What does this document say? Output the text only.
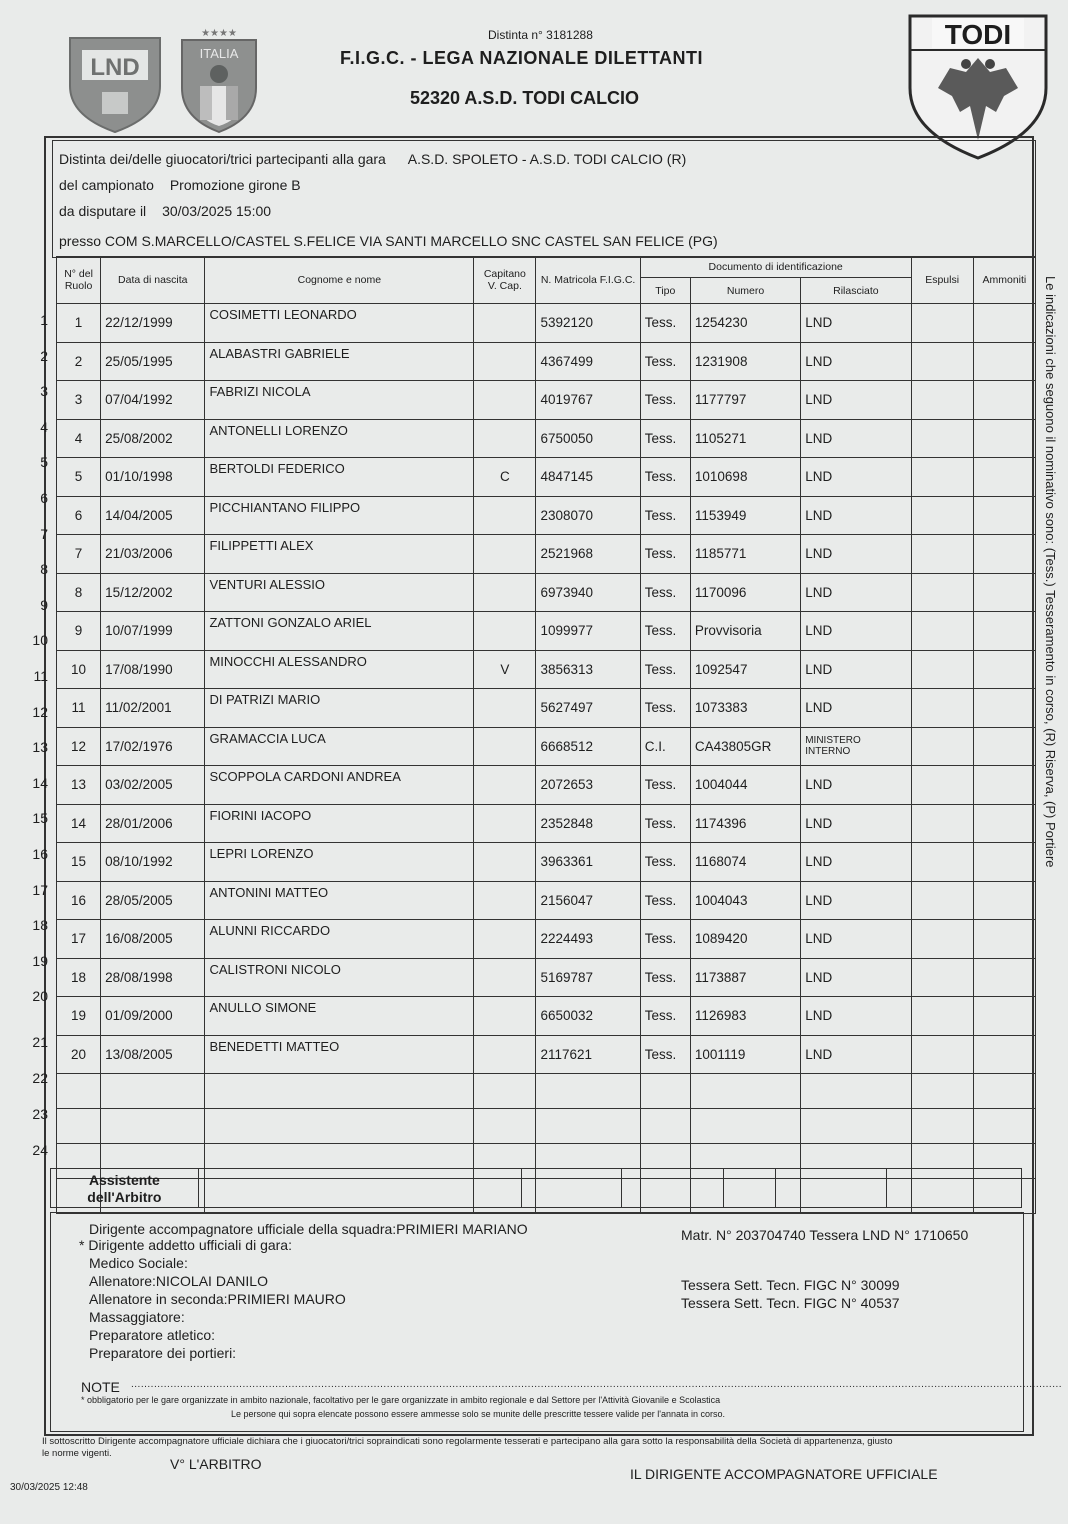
LND
★★★★
ITALIA
TODI
Distinta n° 3181288
F.I.G.C. - LEGA NAZIONALE DILETTANTI
52320 A.S.D. TODI CALCIO
Distinta dei/delle giuocatori/trici partecipanti alla gara A.S.D. SPOLETO - A.S.D. TODI CALCIO (R)
del campionato Promozione girone B
da disputare il 30/03/2025 15:00
presso COM S.MARCELLO/CASTEL S.FELICE VIA SANTI MARCELLO SNC CASTEL SAN FELICE (PG)
N° del Ruolo	Data di nascita	Cognome e nome	Capitano V. Cap.	N. Matricola F.I.G.C.	Documento di identificazione			Espulsi	Ammoniti
					Tipo	Numero	Rilasciato		
1	22/12/1999	COSIMETTI LEONARDO		5392120	Tess.	1254230	LND		
2	25/05/1995	ALABASTRI GABRIELE		4367499	Tess.	1231908	LND		
3	07/04/1992	FABRIZI NICOLA		4019767	Tess.	1177797	LND		
4	25/08/2002	ANTONELLI LORENZO		6750050	Tess.	1105271	LND		
5	01/10/1998	BERTOLDI FEDERICO	C	4847145	Tess.	1010698	LND		
6	14/04/2005	PICCHIANTANO FILIPPO		2308070	Tess.	1153949	LND		
7	21/03/2006	FILIPPETTI ALEX		2521968	Tess.	1185771	LND		
8	15/12/2002	VENTURI ALESSIO		6973940	Tess.	1170096	LND		
9	10/07/1999	ZATTONI GONZALO ARIEL		1099977	Tess.	Provvisoria	LND		
10	17/08/1990	MINOCCHI ALESSANDRO	V	3856313	Tess.	1092547	LND		
11	11/02/2001	DI PATRIZI MARIO		5627497	Tess.	1073383	LND		
12	17/02/1976	GRAMACCIA LUCA		6668512	C.I.	CA43805GR	MINISTERO INTERNO		
13	03/02/2005	SCOPPOLA CARDONI ANDREA		2072653	Tess.	1004044	LND		
14	28/01/2006	FIORINI IACOPO		2352848	Tess.	1174396	LND		
15	08/10/1992	LEPRI LORENZO		3963361	Tess.	1168074	LND		
16	28/05/2005	ANTONINI MATTEO		2156047	Tess.	1004043	LND		
17	16/08/2005	ALUNNI RICCARDO		2224493	Tess.	1089420	LND		
18	28/08/1998	CALISTRONI NICOLO		5169787	Tess.	1173887	LND		
19	01/09/2000	ANULLO SIMONE		6650032	Tess.	1126983	LND		
20	13/08/2005	BENEDETTI MATTEO		2117621	Tess.	1001119	LND		

1
2
3
4
5
6
7
8
9
10
11
12
13
14
15
16
17
18
19
20
21
22
23
24
Assistente dell'Arbitro
Dirigente accompagnatore ufficiale della squadra:PRIMIERI MARIANO	Matr. N° 203704740 Tessera LND N° 1710650
* Dirigente addetto ufficiali di gara:
Medico Sociale:
Allenatore:NICOLAI DANILO	Tessera Sett. Tecn. FIGC N° 30099
Allenatore in seconda:PRIMIERI MAURO	Tessera Sett. Tecn. FIGC N° 40537
Massaggiatore:
Preparatore atletico:
Preparatore dei portieri:
NOTE ............................................................................................................................................................................................................................................................................................
* obbligatorio per le gare organizzate in ambito nazionale, facoltativo per le gare organizzate in ambito regionale e dal Settore per l'Attività Giovanile e Scolastica
Le persone qui sopra elencate possono essere ammesse solo se munite delle prescritte tessere valide per l'annata in corso.
Il sottoscritto Dirigente accompagnatore ufficiale dichiara che i giuocatori/trici sopraindicati sono regolarmente tesserati e partecipano alla gara sotto la responsabilità della Società di appartenenza, giusto
le norme vigenti.
V° L'ARBITRO
IL DIRIGENTE ACCOMPAGNATORE UFFICIALE
30/03/2025 12:48
Le indicazioni che seguono il nominativo sono: (Tess.) Tesseramento in corso, (R) Riserva, (P) Portiere
